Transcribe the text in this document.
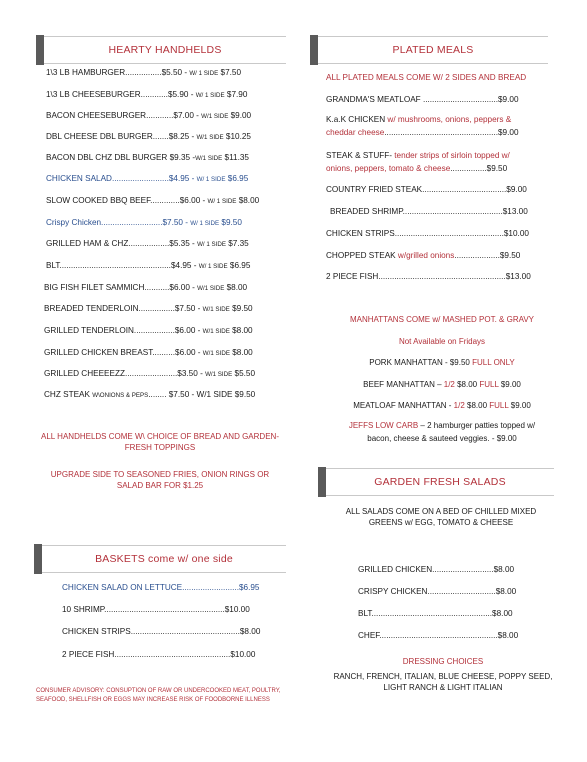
HEARTY HANDHELDS
1\3 LB HAMBURGER................$5.50 - W/ 1 SIDE $7.50
1\3 LB CHEESEBURGER............$5.90 - W/ 1 SIDE $7.90
BACON CHEESEBURGER............$7.00 - W/1 SIDE $9.00
DBL CHEESE DBL BURGER.......$8.25 - W/1 SIDE $10.25
BACON DBL CHZ DBL BURGER $9.35 -W/1 SIDE $11.35
CHICKEN SALAD.........................$4.95 - W/ 1 SIDE $6.95
SLOW COOKED BBQ BEEF.............$6.00 - W/ 1 SIDE $8.00
Crispy Chicken...........................$7.50 - W/ 1 SIDE $9.50
GRILLED HAM & CHZ..................$5.35 - W/ 1 SIDE $7.35
BLT.................................................$4.95 - W/ 1 SIDE $6.95
BIG FISH FILET SAMMICH...........$6.00 - W/1 SIDE $8.00
BREADED TENDERLOIN................$7.50 - W/1 SIDE $9.50
GRILLED TENDERLOIN..................$6.00 - W/1 SIDE $8.00
GRILLED CHICKEN BREAST..........$6.00 - W/1 SIDE $8.00
GRILLED CHEEEEZZ.......................$3.50 - W/1 SIDE $5.50
CHZ STEAK W\ONIONS & PEPS........ $7.50 - W/1 SIDE $9.50
ALL HANDHELDS COME W\ CHOICE OF BREAD AND GARDEN-FRESH TOPPINGS
UPGRADE SIDE TO SEASONED FRIES, ONION RINGS OR SALAD BAR FOR $1.25
BASKETS come w/ one side
CHICKEN SALAD ON LETTUCE.........................$6.95
10 SHRIMP.....................................................$10.00
CHICKEN STRIPS................................................$8.00
2 PIECE FISH...................................................$10.00
CONSUMER ADVISORY: CONSUPTION OF RAW OR UNDERCOOKED MEAT, POULTRY, SEAFOOD, SHELLFISH OR EGGS MAY INCREASE RISK OF FOODBORNE ILLNESS
PLATED MEALS
ALL PLATED MEALS COME W/ 2 SIDES AND BREAD
GRANDMA'S MEATLOAF .................................$9.00
K.a.K CHICKEN w/ mushrooms, onions, peppers &
cheddar cheese..................................................$9.00
STEAK & STUFF- tender strips of sirloin topped w/
onions, peppers, tomato & cheese................$9.50
COUNTRY FRIED STEAK.....................................$9.00
BREADED SHRIMP............................................$13.00
CHICKEN STRIPS................................................$10.00
CHOPPED STEAK w/grilled onions....................$9.50
2 PIECE FISH........................................................$13.00
MANHATTANS COME w/ MASHED POT. & GRAVY
Not Available on Fridays
PORK MANHATTAN - $9.50 FULL ONLY
BEEF MANHATTAN – 1/2 $8.00 FULL $9.00
MEATLOAF MANHATTAN - 1/2 $8.00 FULL $9.00
JEFFS LOW CARB – 2 hamburger patties topped w/
bacon, cheese & sauteed veggies. - $9.00
GARDEN FRESH SALADS
ALL SALADS COME ON A BED OF CHILLED MIXED GREENS w/ EGG, TOMATO & CHEESE
GRILLED CHICKEN...........................$8.00
CRISPY CHICKEN..............................$8.00
BLT.....................................................$8.00
CHEF....................................................$8.00
DRESSING CHOICES
RANCH, FRENCH, ITALIAN, BLUE CHEESE, POPPY SEED, LIGHT RANCH & LIGHT ITALIAN
